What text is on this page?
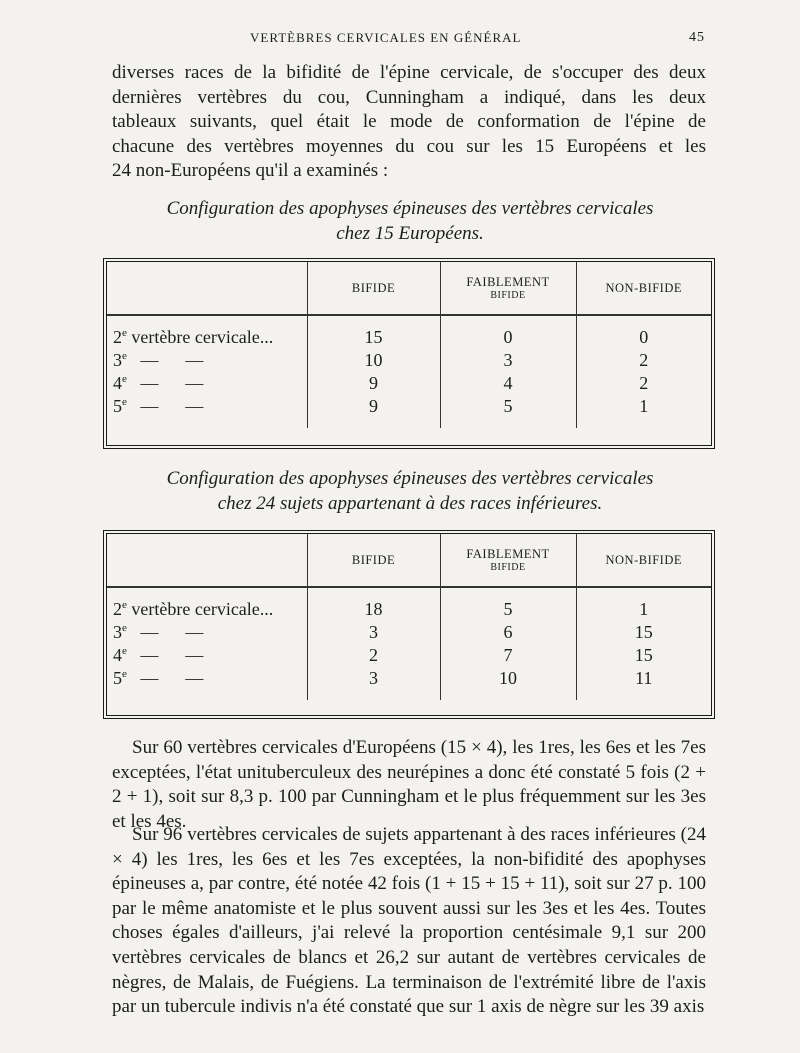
VERTÈBRES CERVICALES EN GÉNÉRAL	45
diverses races de la bifidité de l'épine cervicale, de s'occuper des deux
dernières vertèbres du cou, Cunningham a indiqué, dans les deux
tableaux suivants, quel était le mode de conformation de l'épine de
chacune des vertèbres moyennes du cou sur les 15 Européens et les
24 non-Européens qu'il a examinés :
Configuration des apophyses épineuses des vertèbres cervicales
chez 15 Européens.
	BIFIDE	FAIBLEMENT
BIFIDE	NON-BIFIDE

2e vertèbre cervicale...	15	0	0
3e   —      —	10	3	2
4e   —      —	9	4	2
5e   —      —	9	5	1

Configuration des apophyses épineuses des vertèbres cervicales
chez 24 sujets appartenant à des races inférieures.
	BIFIDE	FAIBLEMENT
BIFIDE	NON-BIFIDE

2e vertèbre cervicale...	18	5	1
3e   —      —	3	6	15
4e   —      —	2	7	15
5e   —      —	3	10	11

Sur 60 vertèbres cervicales d'Européens (15 × 4), les 1res, les 6es et les 7es exceptées, l'état unituberculeux des neurépines a donc été constaté 5 fois (2 + 2 + 1), soit sur 8,3 p. 100 par Cunningham et le plus fréquemment sur les 3es et les 4es.
Sur 96 vertèbres cervicales de sujets appartenant à des races inférieures (24 × 4) les 1res, les 6es et les 7es exceptées, la non-bifidité des apophyses épineuses a, par contre, été notée 42 fois (1 + 15 + 15 + 11), soit sur 27 p. 100 par le même anatomiste et le plus souvent aussi sur les 3es et les 4es. Toutes choses égales d'ailleurs, j'ai relevé la proportion centésimale 9,1 sur 200 vertèbres cervicales de blancs et 26,2 sur autant de vertèbres cervicales de nègres, de Malais, de Fuégiens. La terminaison de l'extrémité libre de l'axis par un tubercule indivis n'a été constaté que sur 1 axis de nègre sur les 39 axis
